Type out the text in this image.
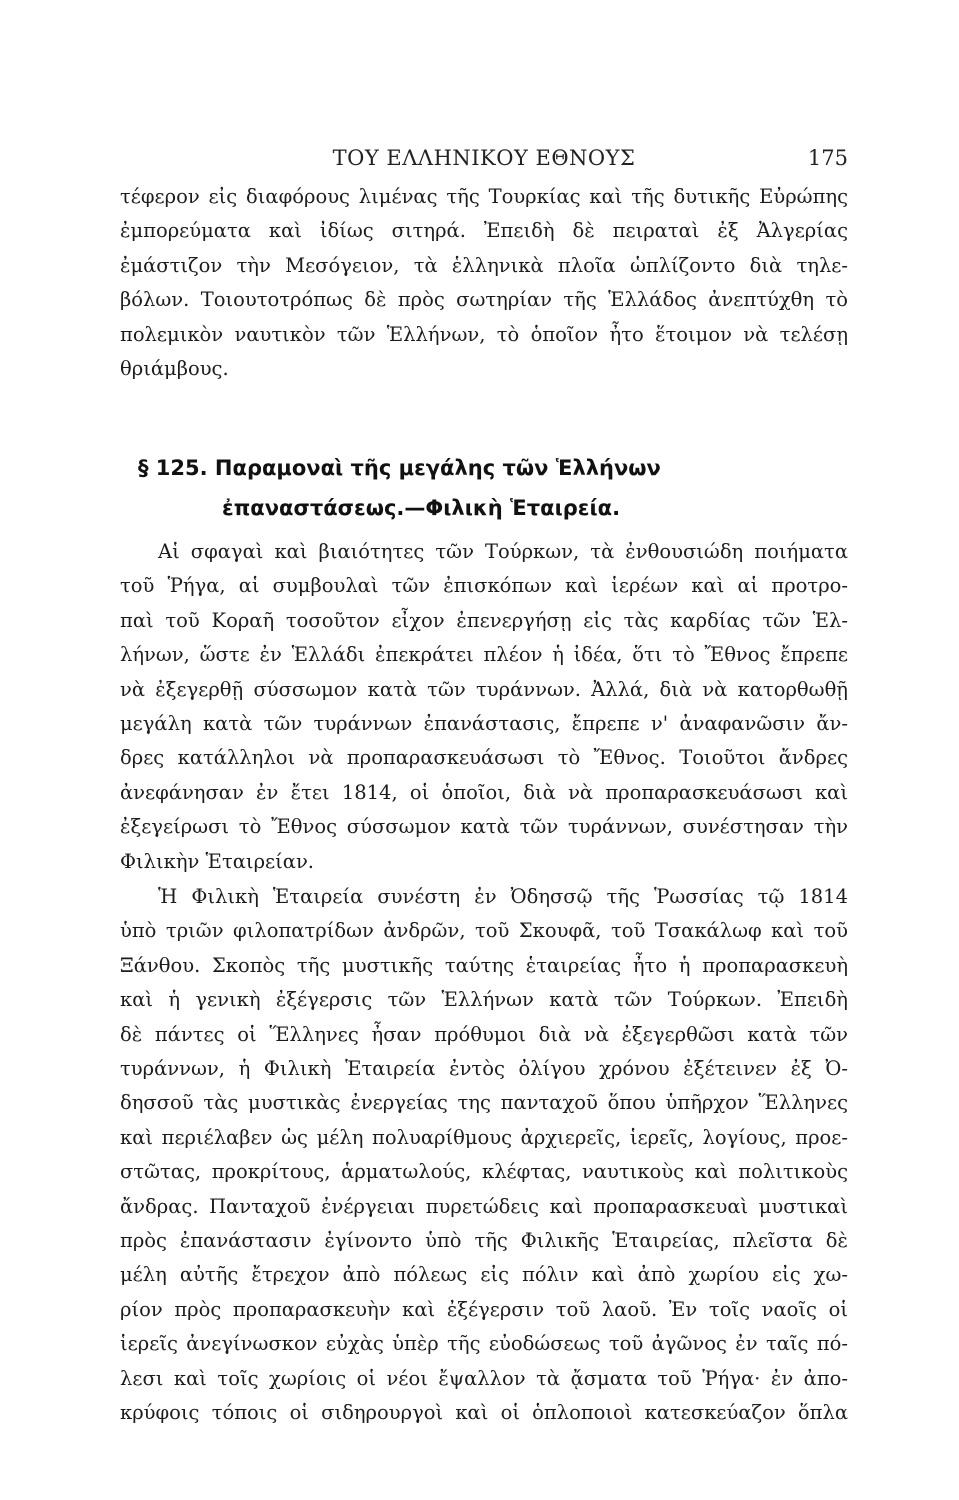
ΤΟΥ ΕΛΛΗΝΙΚΟΥ ΕΘΝΟΥΣ	175
τέφερον εἰς διαφόρους λιμένας τῆς Τουρκίας καὶ τῆς δυτικῆς Εὐρώπης
ἐμπορεύματα καὶ ἰδίως σιτηρά. Ἐπειδὴ δὲ πειραταὶ ἐξ Ἀλγερίας
ἐμάστιζον τὴν Μεσόγειον, τὰ ἑλληνικὰ πλοῖα ὡπλίζοντο διὰ τηλε-
βόλων. Τοιουτοτρόπως δὲ πρὸς σωτηρίαν τῆς Ἑλλάδος ἀνεπτύχθη τὸ
πολεμικὸν ναυτικὸν τῶν Ἑλλήνων, τὸ ὁποῖον ἦτο ἕτοιμον νὰ τελέσῃ
θριάμβους.
§ 125. Παραμοναὶ τῆς μεγάλης τῶν Ἑλλήνων
ἐπαναστάσεως.—Φιλικὴ Ἑταιρεία.
Αἱ σφαγαὶ καὶ βιαιότητες τῶν Τούρκων, τὰ ἐνθουσιώδη ποιήματα
τοῦ Ῥήγα, αἱ συμβουλαὶ τῶν ἐπισκόπων καὶ ἱερέων καὶ αἱ προτρο-
παὶ τοῦ Κοραῆ τοσοῦτον εἶχον ἐπενεργήσῃ εἰς τὰς καρδίας τῶν Ἑλ-
λήνων, ὥστε ἐν Ἑλλάδι ἐπεκράτει πλέον ἡ ἰδέα, ὅτι τὸ Ἔθνος ἔπρεπε
νὰ ἐξεγερθῇ σύσσωμον κατὰ τῶν τυράννων. Ἀλλά, διὰ νὰ κατορθωθῇ
μεγάλη κατὰ τῶν τυράννων ἐπανάστασις, ἔπρεπε ν' ἀναφανῶσιν ἄν-
δρες κατάλληλοι νὰ προπαρασκευάσωσι τὸ Ἔθνος. Τοιοῦτοι ἄνδρες
ἀνεφάνησαν ἐν ἔτει 1814, οἱ ὁποῖοι, διὰ νὰ προπαρασκευάσωσι καὶ
ἐξεγείρωσι τὸ Ἔθνος σύσσωμον κατὰ τῶν τυράννων, συνέστησαν τὴν
Φιλικὴν Ἑταιρείαν.
Ἡ Φιλικὴ Ἑταιρεία συνέστη ἐν Ὀδησσῷ τῆς Ῥωσσίας τῷ 1814
ὑπὸ τριῶν φιλοπατρίδων ἀνδρῶν, τοῦ Σκουφᾶ, τοῦ Τσακάλωφ καὶ τοῦ
Ξάνθου. Σκοπὸς τῆς μυστικῆς ταύτης ἑταιρείας ἦτο ἡ προπαρασκευὴ
καὶ ἡ γενικὴ ἐξέγερσις τῶν Ἑλλήνων κατὰ τῶν Τούρκων. Ἐπειδὴ
δὲ πάντες οἱ Ἕλληνες ἦσαν πρόθυμοι διὰ νὰ ἐξεγερθῶσι κατὰ τῶν
τυράννων, ἡ Φιλικὴ Ἑταιρεία ἐντὸς ὀλίγου χρόνου ἐξέτεινεν ἐξ Ὀ-
δησσοῦ τὰς μυστικὰς ἐνεργείας της πανταχοῦ ὅπου ὑπῆρχον Ἕλληνες
καὶ περιέλαβεν ὡς μέλη πολυαρίθμους ἀρχιερεῖς, ἱερεῖς, λογίους, προε-
στῶτας, προκρίτους, ἁρματωλούς, κλέφτας, ναυτικοὺς καὶ πολιτικοὺς
ἄνδρας. Πανταχοῦ ἐνέργειαι πυρετώδεις καὶ προπαρασκευαὶ μυστικαὶ
πρὸς ἐπανάστασιν ἐγίνοντο ὑπὸ τῆς Φιλικῆς Ἑταιρείας, πλεῖστα δὲ
μέλη αὐτῆς ἔτρεχον ἀπὸ πόλεως εἰς πόλιν καὶ ἀπὸ χωρίου εἰς χω-
ρίον πρὸς προπαρασκευὴν καὶ ἐξέγερσιν τοῦ λαοῦ. Ἐν τοῖς ναοῖς οἱ
ἱερεῖς ἀνεγίνωσκον εὐχὰς ὑπὲρ τῆς εὐοδώσεως τοῦ ἀγῶνος ἐν ταῖς πό-
λεσι καὶ τοῖς χωρίοις οἱ νέοι ἔψαλλον τὰ ᾄσματα τοῦ Ῥήγα· ἐν ἀπο-
κρύφοις τόποις οἱ σιδηρουργοὶ καὶ οἱ ὁπλοποιοὶ κατεσκεύαζον ὅπλα
